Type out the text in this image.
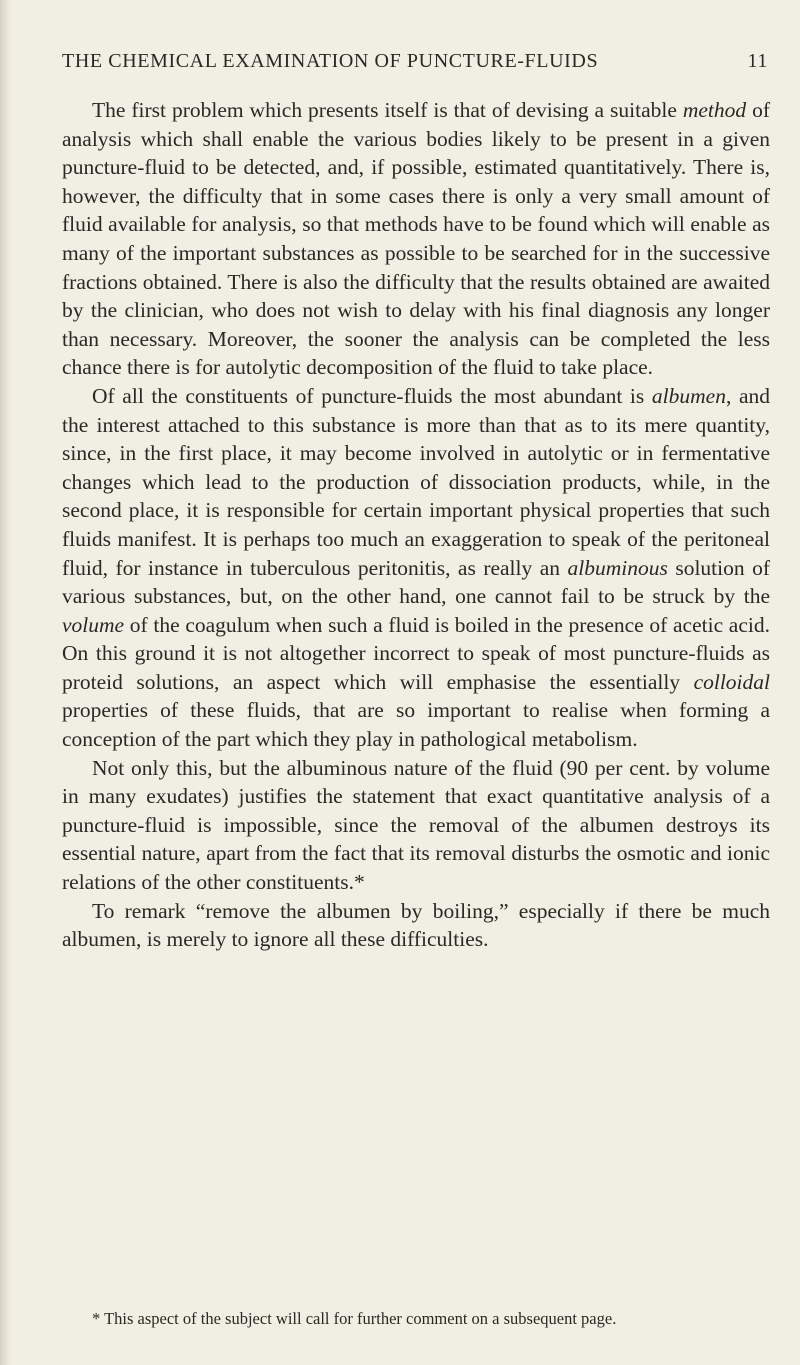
THE CHEMICAL EXAMINATION OF PUNCTURE-FLUIDS	11

The first problem which presents itself is that of devising a suitable method of analysis which shall enable the various bodies likely to be present in a given puncture-fluid to be detected, and, if possible, estimated quantitatively. There is, however, the difficulty that in some cases there is only a very small amount of fluid available for analysis, so that methods have to be found which will enable as many of the important substances as possible to be searched for in the successive fractions obtained. There is also the difficulty that the results obtained are awaited by the clinician, who does not wish to delay with his final diagnosis any longer than necessary. Moreover, the sooner the analysis can be completed the less chance there is for autolytic decomposition of the fluid to take place.

Of all the constituents of puncture-fluids the most abundant is albumen, and the interest attached to this substance is more than that as to its mere quantity, since, in the first place, it may become involved in autolytic or in fermentative changes which lead to the production of dissociation products, while, in the second place, it is responsible for certain important physical properties that such fluids manifest. It is perhaps too much an exaggeration to speak of the peritoneal fluid, for instance in tuberculous peritonitis, as really an albuminous solution of various substances, but, on the other hand, one cannot fail to be struck by the volume of the coagulum when such a fluid is boiled in the presence of acetic acid. On this ground it is not altogether incorrect to speak of most puncture-fluids as proteid solutions, an aspect which will emphasise the essentially colloidal properties of these fluids, that are so important to realise when forming a conception of the part which they play in pathological metabolism.

Not only this, but the albuminous nature of the fluid (90 per cent. by volume in many exudates) justifies the statement that exact quantitative analysis of a puncture-fluid is impossible, since the removal of the albumen destroys its essential nature, apart from the fact that its removal disturbs the osmotic and ionic relations of the other constituents.*

To remark “remove the albumen by boiling,” especially if there be much albumen, is merely to ignore all these difficulties.

* This aspect of the subject will call for further comment on a subsequent page.
